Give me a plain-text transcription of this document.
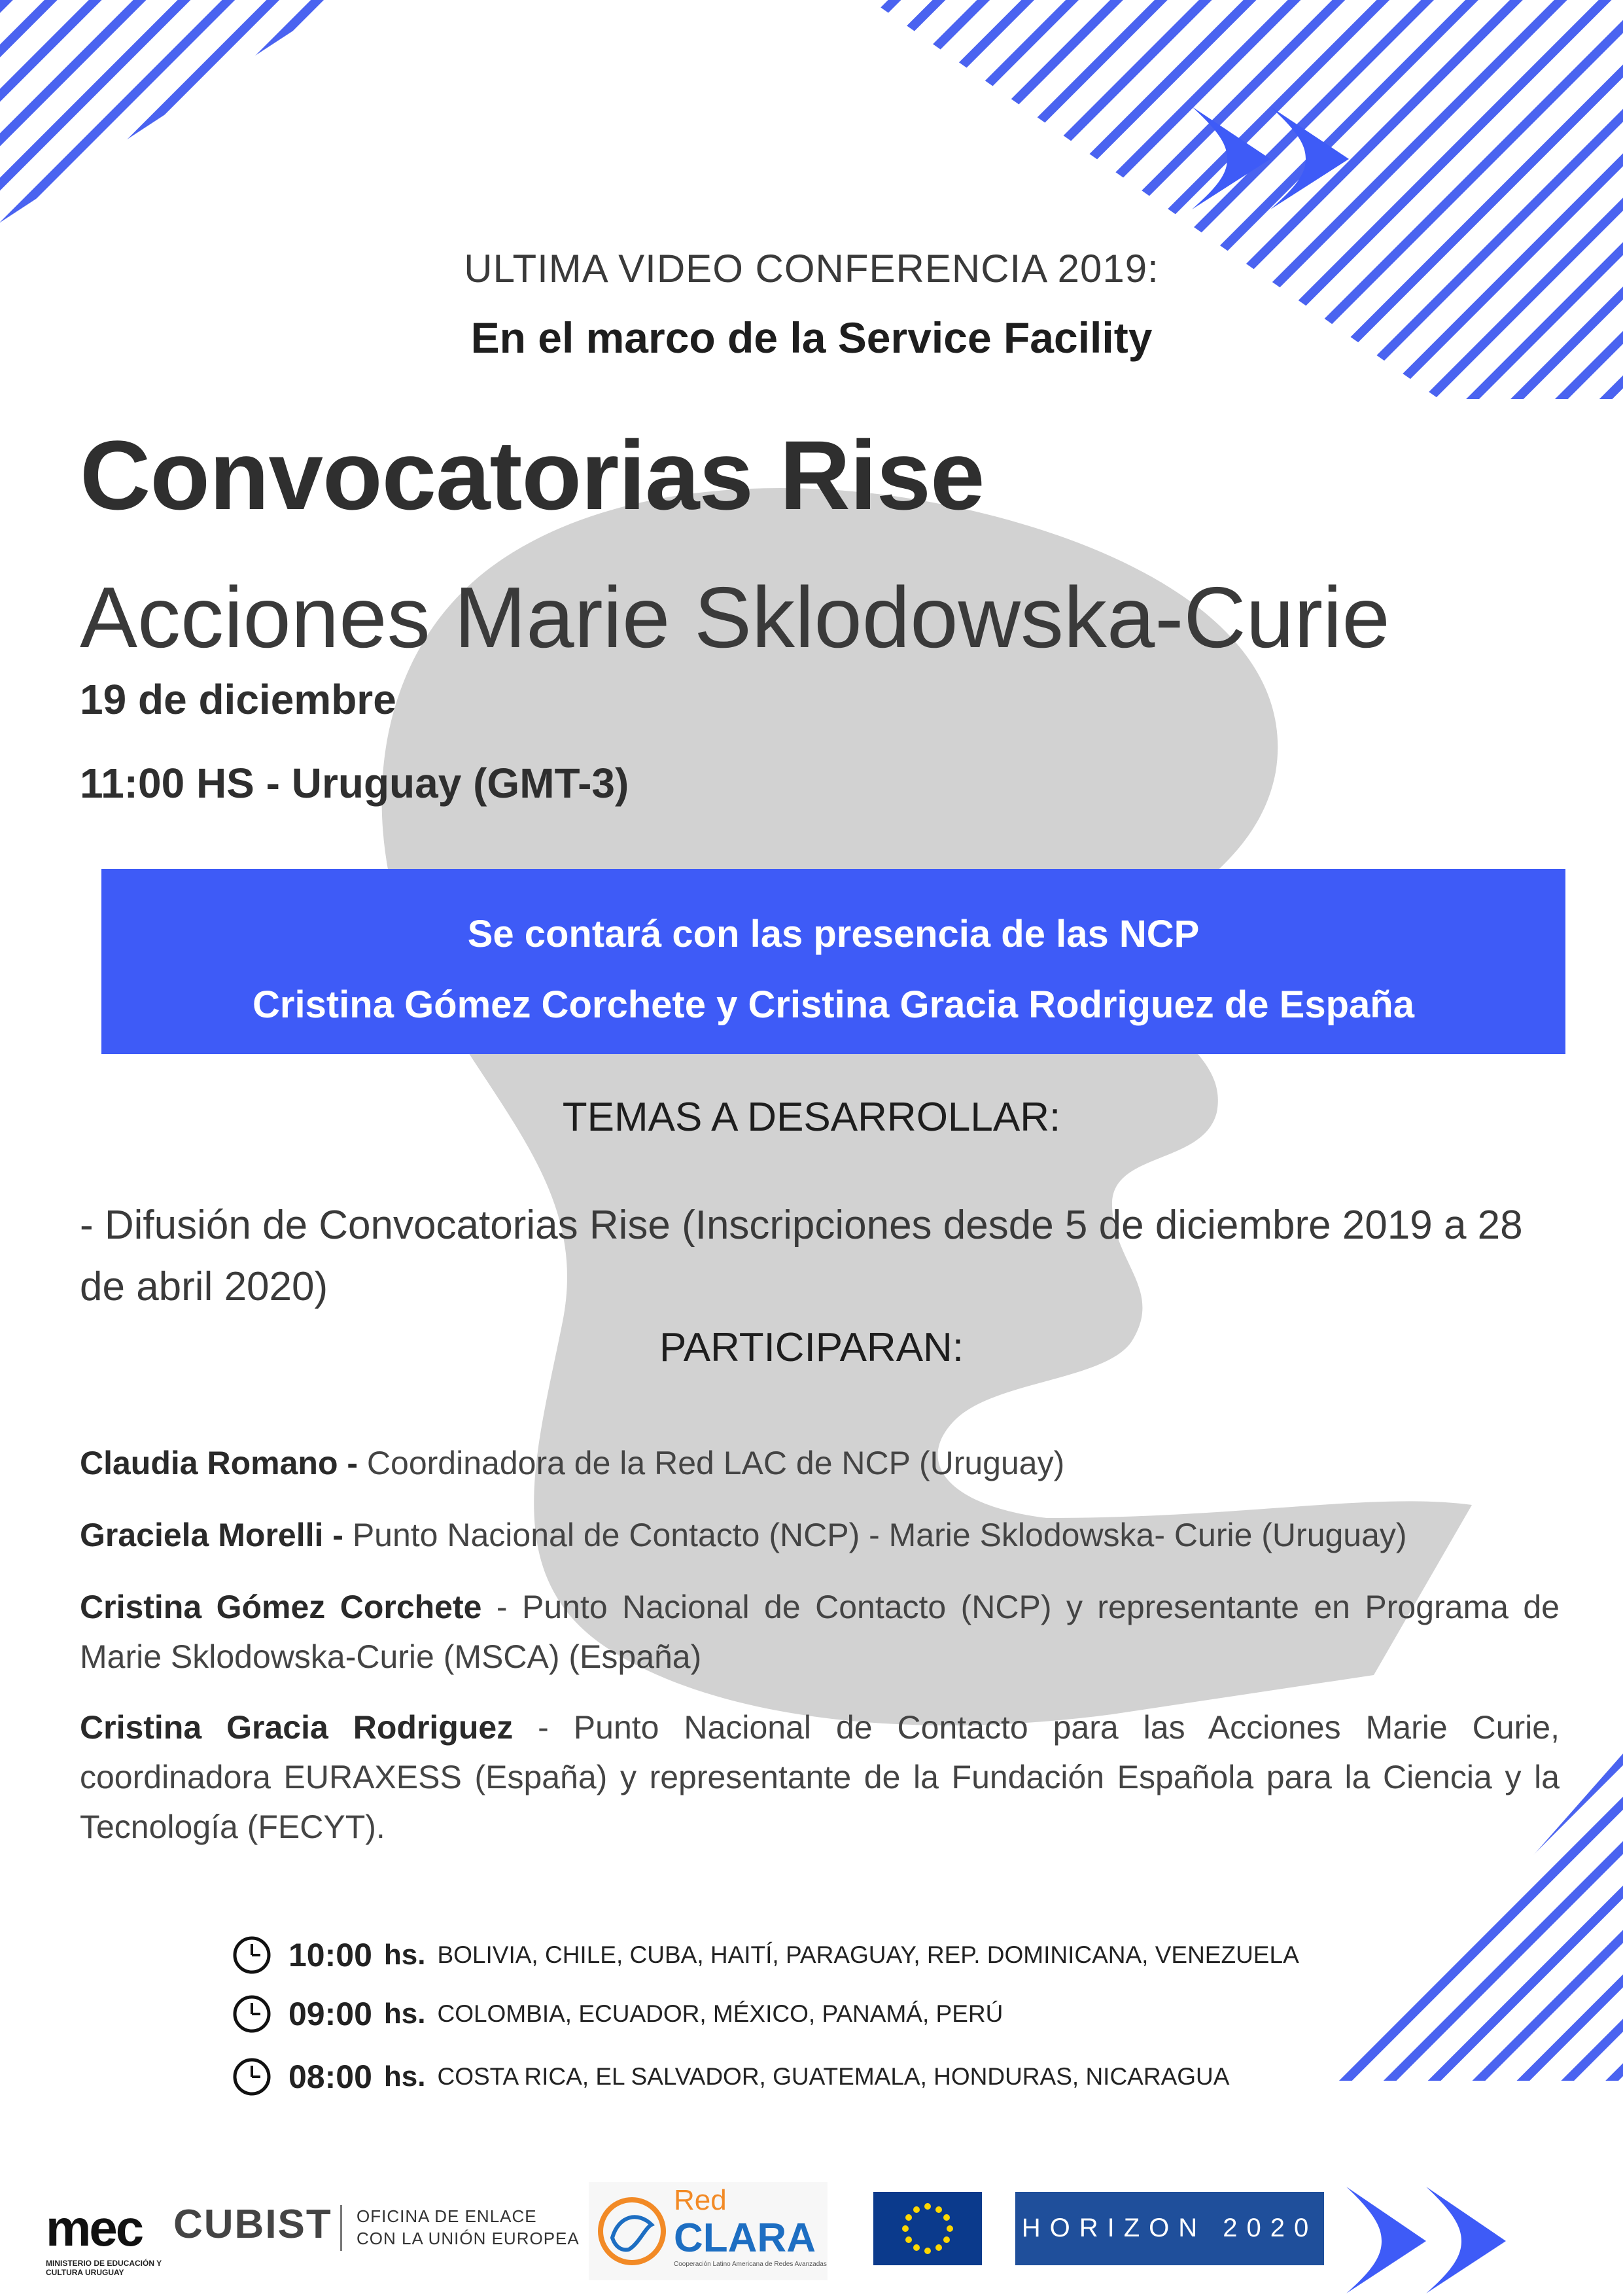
ULTIMA VIDEO CONFERENCIA 2019:
En el marco de la Service Facility
Convocatorias Rise
Acciones Marie Sklodowska-Curie
19 de diciembre
11:00 HS - Uruguay (GMT-3)
Se contará con las presencia de las NCP
Cristina Gómez Corchete y Cristina Gracia Rodriguez de España
TEMAS A DESARROLLAR:
- Difusión de Convocatorias Rise (Inscripciones desde 5 de diciembre 2019 a 28 de abril 2020)
PARTICIPARAN:
Claudia Romano - Coordinadora de la Red LAC de NCP (Uruguay)
Graciela Morelli - Punto Nacional de Contacto (NCP) - Marie Sklodowska- Curie (Uruguay)
Cristina Gómez Corchete - Punto Nacional de Contacto (NCP) y representante en Programa de Marie Sklodowska-Curie (MSCA) (España)
Cristina Gracia Rodriguez - Punto Nacional de Contacto para las Acciones Marie Curie, coordinadora EURAXESS (España) y representante de la Fundación Española para la Ciencia y la Tecnología (FECYT).
10:00 hs. BOLIVIA, CHILE, CUBA, HAITÍ, PARAGUAY, REP. DOMINICANA, VENEZUELA
09:00 hs. COLOMBIA, ECUADOR, MÉXICO, PANAMÁ, PERÚ
08:00 hs. COSTA RICA, EL SALVADOR, GUATEMALA, HONDURAS, NICARAGUA
mec
MINISTERIO DE EDUCACIÓN Y CULTURA URUGUAY
CUBIST OFICINA DE ENLACE
CON LA UNIÓN EUROPEA
Red
CLARA
Cooperación Latino Americana de Redes Avanzadas
HORIZON 2020
